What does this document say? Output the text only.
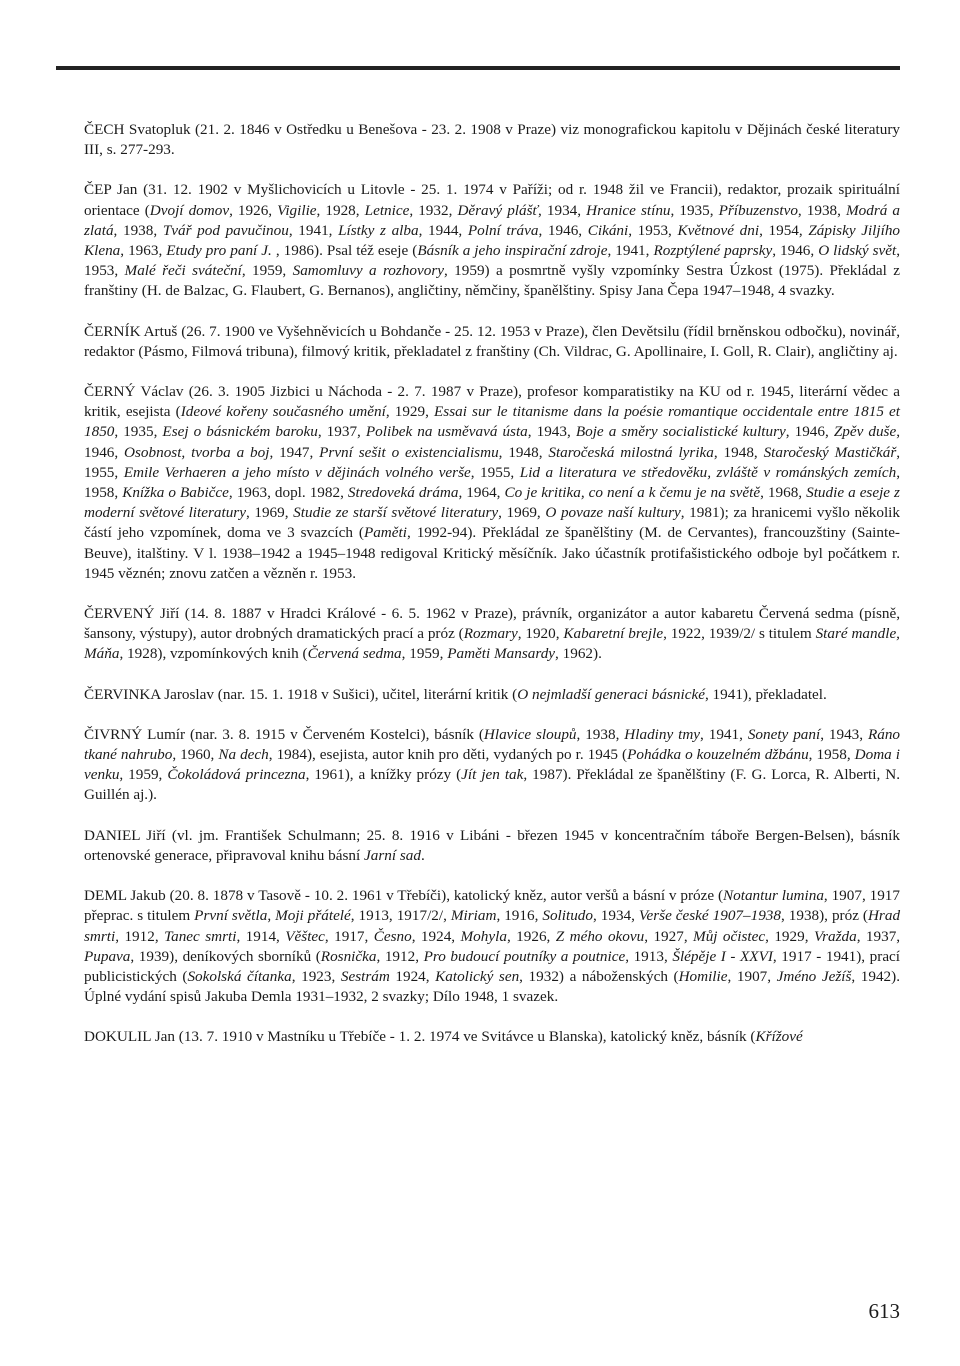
ČECH Svatopluk (21. 2. 1846 v Ostředku u Benešova - 23. 2. 1908 v Praze) viz monografickou kapitolu v Dějinách české literatury III, s. 277-293.

ČEP Jan (31. 12. 1902 v Myšlichovicích u Litovle - 25. 1. 1974 v Paříži; od r. 1948 žil ve Francii), redaktor, prozaik spirituální orientace (Dvojí domov, 1926, Vigilie, 1928, Letnice, 1932, Děravý plášť, 1934, Hranice stínu, 1935, Příbuzenstvo, 1938, Modrá a zlatá, 1938, Tvář pod pavučinou, 1941, Lístky z alba, 1944, Polní tráva, 1946, Cikáni, 1953, Květnové dni, 1954, Zápisky Jiljího Klena, 1963, Etudy pro paní J. , 1986). Psal též eseje (Básník a jeho inspirační zdroje, 1941, Rozptýlené paprsky, 1946, O lidský svět, 1953, Malé řeči sváteční, 1959, Samomluvy a rozhovory, 1959) a posmrtně vyšly vzpomínky Sestra Úzkost (1975). Překládal z franštiny (H. de Balzac, G. Flaubert, G. Bernanos), angličtiny, němčiny, španělštiny. Spisy Jana Čepa 1947–1948, 4 svazky.

ČERNÍK Artuš (26. 7. 1900 ve Vyšehněvicích u Bohdanče - 25. 12. 1953 v Praze), člen Devětsilu (řídil brněnskou odbočku), novinář, redaktor (Pásmo, Filmová tribuna), filmový kritik, překladatel z franštiny (Ch. Vildrac, G. Apollinaire, I. Goll, R. Clair), angličtiny aj.

ČERNÝ Václav (26. 3. 1905 Jizbici u Náchoda - 2. 7. 1987 v Praze), profesor komparatistiky na KU od r. 1945, literární vědec a kritik, esejista (Ideové kořeny současného umění, 1929, Essai sur le titanisme dans la poésie romantique occidentale entre 1815 et 1850, 1935, Esej o básnickém baroku, 1937, Polibek na usměvavá ústa, 1943, Boje a směry socialistické kultury, 1946, Zpěv duše, 1946, Osobnost, tvorba a boj, 1947, První sešit o existencialismu, 1948, Staročeská milostná lyrika, 1948, Staročeský Mastičkář, 1955, Emile Verhaeren a jeho místo v dějinách volného verše, 1955, Lid a literatura ve středověku, zvláště v románských zemích, 1958, Knížka o Babičce, 1963, dopl. 1982, Stredoveká dráma, 1964, Co je kritika, co není a k čemu je na světě, 1968, Studie a eseje z moderní světové literatury, 1969, Studie ze starší světové literatury, 1969, O povaze naší kultury, 1981); za hranicemi vyšlo několik částí jeho vzpomínek, doma ve 3 svazcích (Paměti, 1992-94). Překládal ze španělštiny (M. de Cervantes), francouzštiny (Sainte-Beuve), italštiny. V l. 1938–1942 a 1945–1948 redigoval Kritický měsíčník. Jako účastník protifašistického odboje byl počátkem r. 1945 věznén; znovu zatčen a vězněn r. 1953.

ČERVENÝ Jiří (14. 8. 1887 v Hradci Králové - 6. 5. 1962 v Praze), právník, organizátor a autor kabaretu Červená sedma (písně, šansony, výstupy), autor drobných dramatických prací a próz (Rozmary, 1920, Kabaretní brejle, 1922, 1939/2/ s titulem Staré mandle, Máňa, 1928), vzpomínkových knih (Červená sedma, 1959, Paměti Mansardy, 1962).

ČERVINKA Jaroslav (nar. 15. 1. 1918 v Sušici), učitel, literární kritik (O nejmladší generaci básnické, 1941), překladatel.

ČIVRNÝ Lumír (nar. 3. 8. 1915 v Červeném Kostelci), básník (Hlavice sloupů, 1938, Hladiny tmy, 1941, Sonety paní, 1943, Ráno tkané nahrubo, 1960, Na dech, 1984), esejista, autor knih pro děti, vydaných po r. 1945 (Pohádka o kouzelném džbánu, 1958, Doma i venku, 1959, Čokoládová princezna, 1961), a knížky prózy (Jít jen tak, 1987). Překládal ze španělštiny (F. G. Lorca, R. Alberti, N. Guillén aj.).

DANIEL Jiří (vl. jm. František Schulmann; 25. 8. 1916 v Libáni - březen 1945 v koncentračním táboře Bergen-Belsen), básník ortenovské generace, připravoval knihu básní Jarní sad.

DEML Jakub (20. 8. 1878 v Tasově - 10. 2. 1961 v Třebíči), katolický kněz, autor veršů a básní v próze (Notantur lumina, 1907, 1917 přeprac. s titulem První světla, Moji přátelé, 1913, 1917/2/, Miriam, 1916, Solitudo, 1934, Verše české 1907–1938, 1938), próz (Hrad smrti, 1912, Tanec smrti, 1914, Věštec, 1917, Česno, 1924, Mohyla, 1926, Z mého okovu, 1927, Můj očistec, 1929, Vražda, 1937, Pupava, 1939), deníkových sborníků (Rosnička, 1912, Pro budoucí poutníky a poutnice, 1913, Šlépěje I - XXVI, 1917 - 1941), prací publicistických (Sokolská čítanka, 1923, Sestrám 1924, Katolický sen, 1932) a náboženských (Homilie, 1907, Jméno Ježíš, 1942). Úplné vydání spisů Jakuba Demla 1931–1932, 2 svazky; Dílo 1948, 1 svazek.

DOKULIL Jan (13. 7. 1910 v Mastníku u Třebíče - 1. 2. 1974 ve Svitávce u Blanska), katolický kněz, básník (Křížové

613
